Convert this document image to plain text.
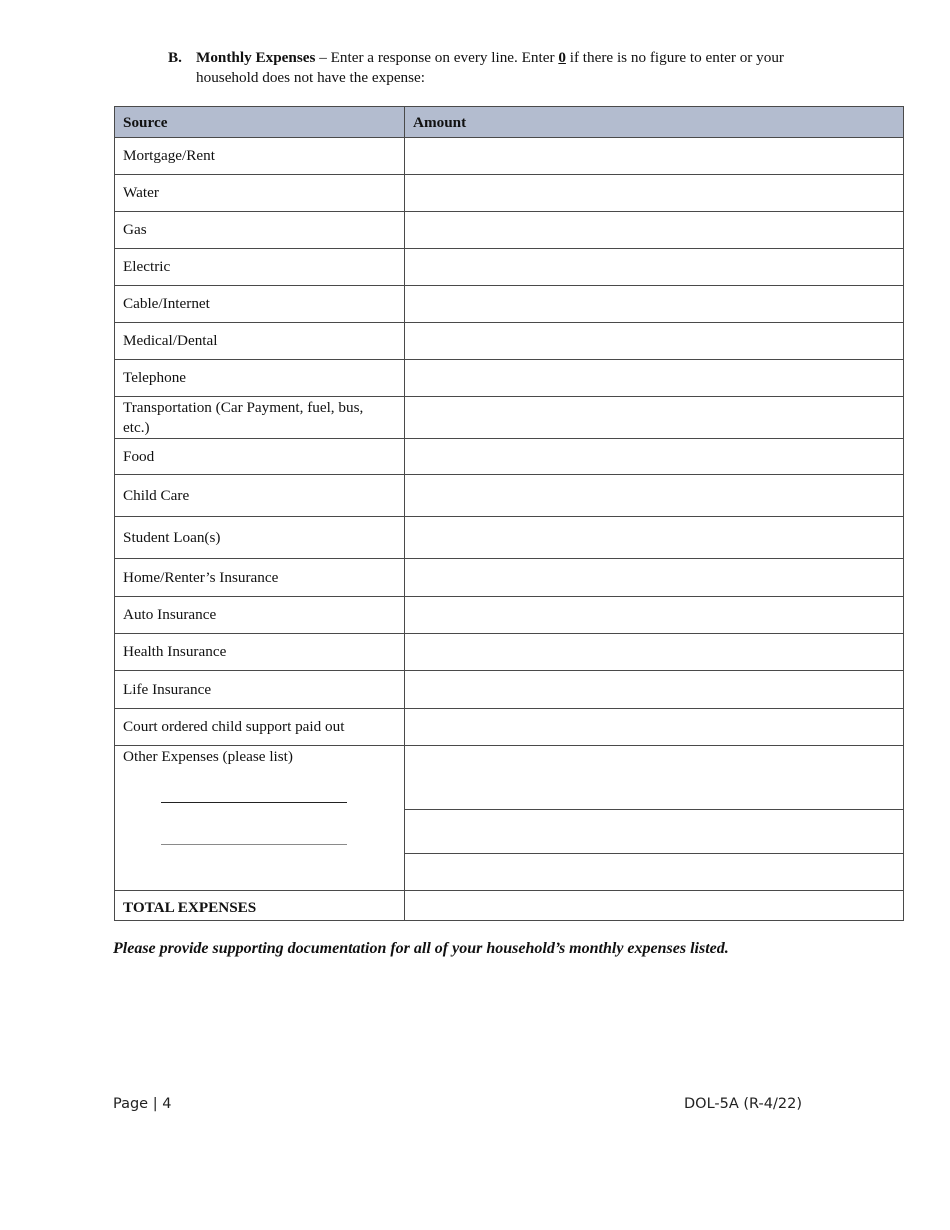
B. Monthly Expenses – Enter a response on every line. Enter 0 if there is no figure to enter or your household does not have the expense:
Source	Amount
Mortgage/Rent	
Water	
Gas	
Electric	
Cable/Internet	
Medical/Dental	
Telephone	
Transportation (Car Payment, fuel, bus, etc.)	
Food	
Child Care	
Student Loan(s)	
Home/Renter’s Insurance	
Auto Insurance	
Health Insurance	
Life Insurance	
Court ordered child support paid out	

Other Expenses (please list)	

TOTAL EXPENSES	
Please provide supporting documentation for all of your household’s monthly expenses listed.
Page | 4	DOL-5A (R-4/22)
